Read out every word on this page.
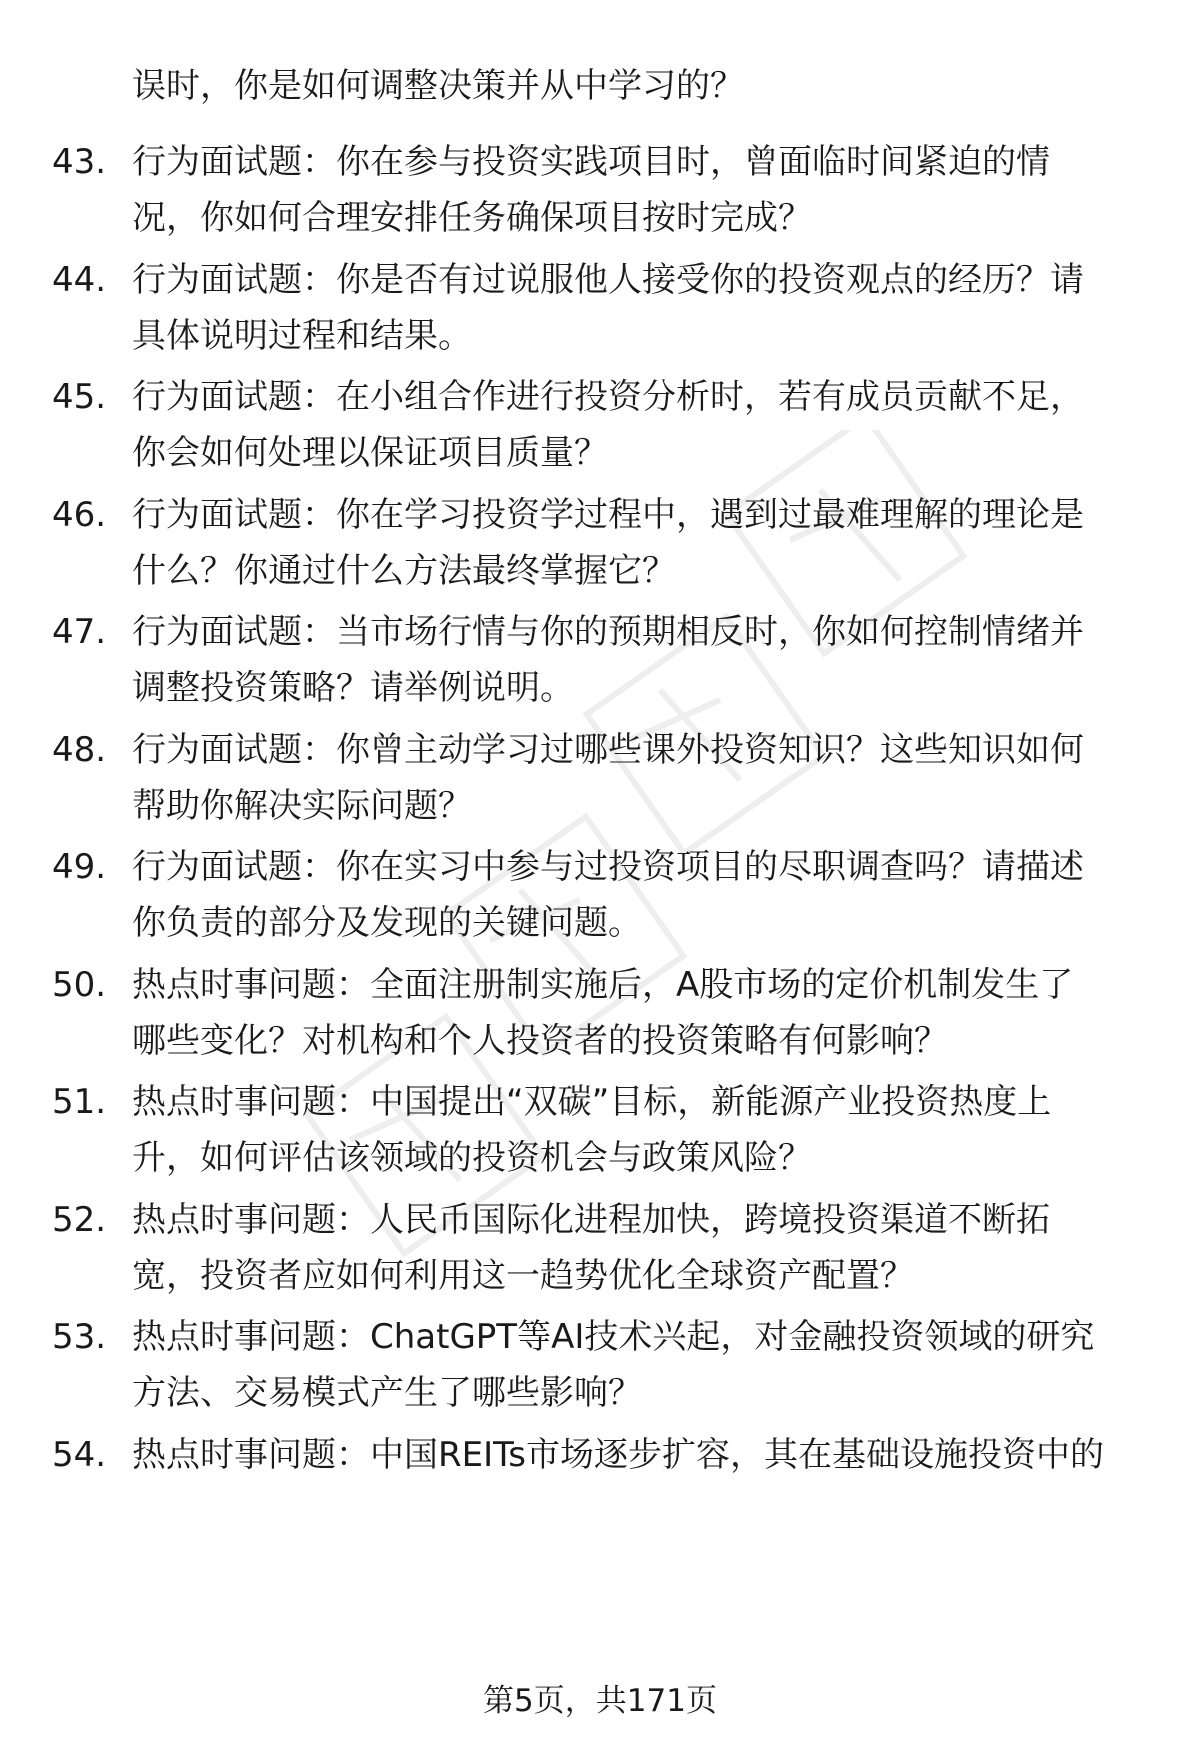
误时，你是如何调整决策并从中学习的？
43. 行为面试题：你在参与投资实践项目时，曾面临时间紧迫的情
况，你如何合理安排任务确保项目按时完成？
44. 行为面试题：你是否有过说服他人接受你的投资观点的经历？请
具体说明过程和结果。
45. 行为面试题：在小组合作进行投资分析时，若有成员贡献不足，
你会如何处理以保证项目质量？
46. 行为面试题：你在学习投资学过程中，遇到过最难理解的理论是
什么？你通过什么方法最终掌握它？
47. 行为面试题：当市场行情与你的预期相反时，你如何控制情绪并
调整投资策略？请举例说明。
48. 行为面试题：你曾主动学习过哪些课外投资知识？这些知识如何
帮助你解决实际问题？
49. 行为面试题：你在实习中参与过投资项目的尽职调查吗？请描述
你负责的部分及发现的关键问题。
50. 热点时事问题：全面注册制实施后，A股市场的定价机制发生了
哪些变化？对机构和个人投资者的投资策略有何影响？
51. 热点时事问题：中国提出“双碳”目标，新能源产业投资热度上
升，如何评估该领域的投资机会与政策风险？
52. 热点时事问题：人民币国际化进程加快，跨境投资渠道不断拓
宽，投资者应如何利用这一趋势优化全球资产配置？
53. 热点时事问题：ChatGPT等AI技术兴起，对金融投资领域的研究
方法、交易模式产生了哪些影响？
54. 热点时事问题：中国REITs市场逐步扩容，其在基础设施投资中的
第5页，共171页
